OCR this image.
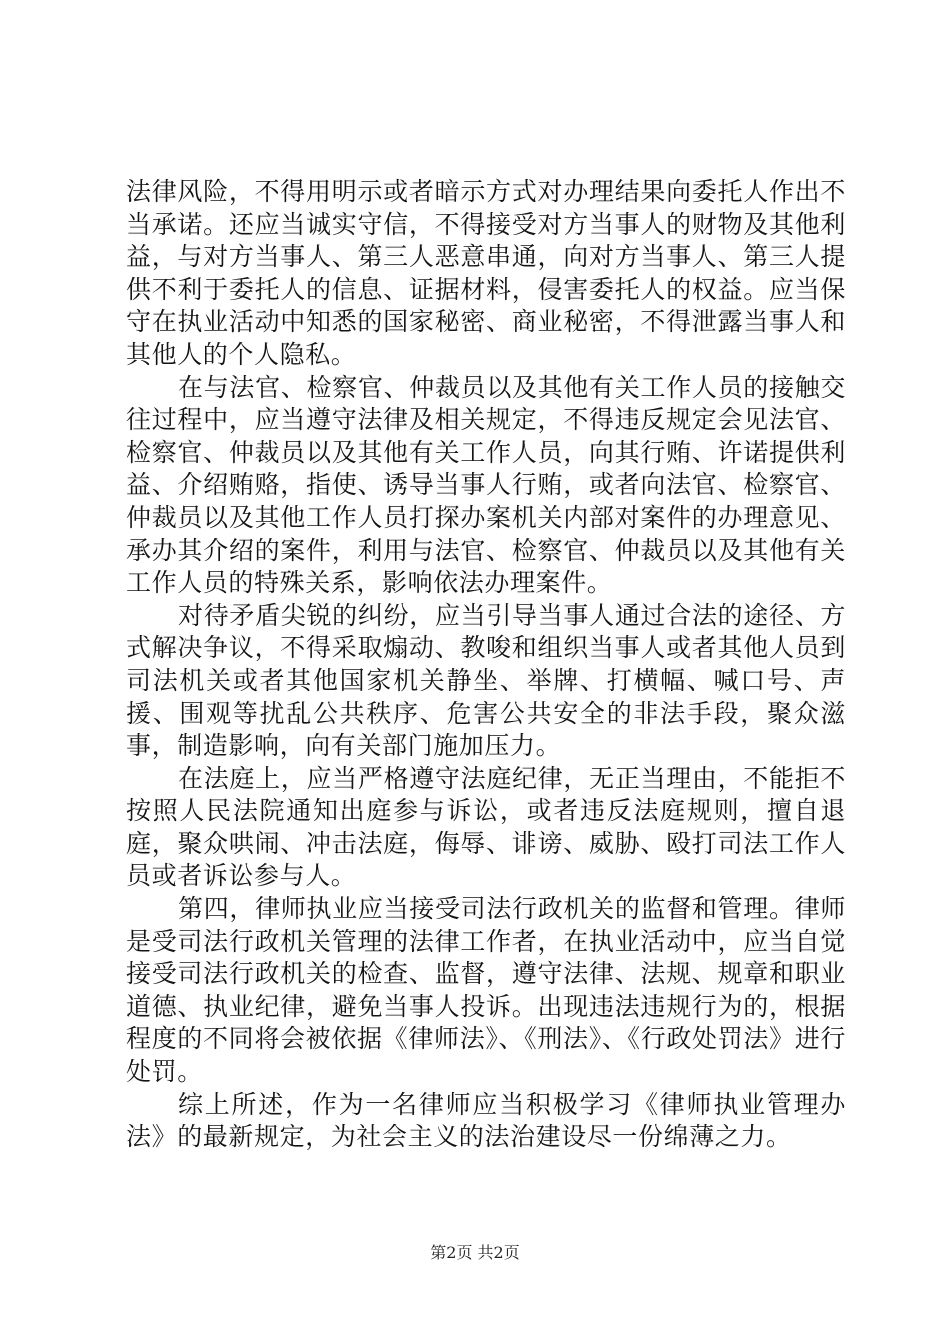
法律风险，不得用明示或者暗示方式对办理结果向委托人作出不当承诺。还应当诚实守信，不得接受对方当事人的财物及其他利益，与对方当事人、第三人恶意串通，向对方当事人、第三人提供不利于委托人的信息、证据材料，侵害委托人的权益。应当保守在执业活动中知悉的国家秘密、商业秘密，不得泄露当事人和其他人的个人隐私。

在与法官、检察官、仲裁员以及其他有关工作人员的接触交往过程中，应当遵守法律及相关规定，不得违反规定会见法官、检察官、仲裁员以及其他有关工作人员，向其行贿、许诺提供利益、介绍贿赂，指使、诱导当事人行贿，或者向法官、检察官、仲裁员以及其他工作人员打探办案机关内部对案件的办理意见、承办其介绍的案件，利用与法官、检察官、仲裁员以及其他有关工作人员的特殊关系，影响依法办理案件。

对待矛盾尖锐的纠纷，应当引导当事人通过合法的途径、方式解决争议，不得采取煽动、教唆和组织当事人或者其他人员到司法机关或者其他国家机关静坐、举牌、打横幅、喊口号、声援、围观等扰乱公共秩序、危害公共安全的非法手段，聚众滋事，制造影响，向有关部门施加压力。

在法庭上，应当严格遵守法庭纪律，无正当理由，不能拒不按照人民法院通知出庭参与诉讼，或者违反法庭规则，擅自退庭，聚众哄闹、冲击法庭，侮辱、诽谤、威胁、殴打司法工作人员或者诉讼参与人。

第四，律师执业应当接受司法行政机关的监督和管理。律师是受司法行政机关管理的法律工作者，在执业活动中，应当自觉接受司法行政机关的检查、监督，遵守法律、法规、规章和职业道德、执业纪律，避免当事人投诉。出现违法违规行为的，根据程度的不同将会被依据《律师法》、《刑法》、《行政处罚法》进行处罚。

综上所述，作为一名律师应当积极学习《律师执业管理办法》的最新规定，为社会主义的法治建设尽一份绵薄之力。

第2页 共2页
